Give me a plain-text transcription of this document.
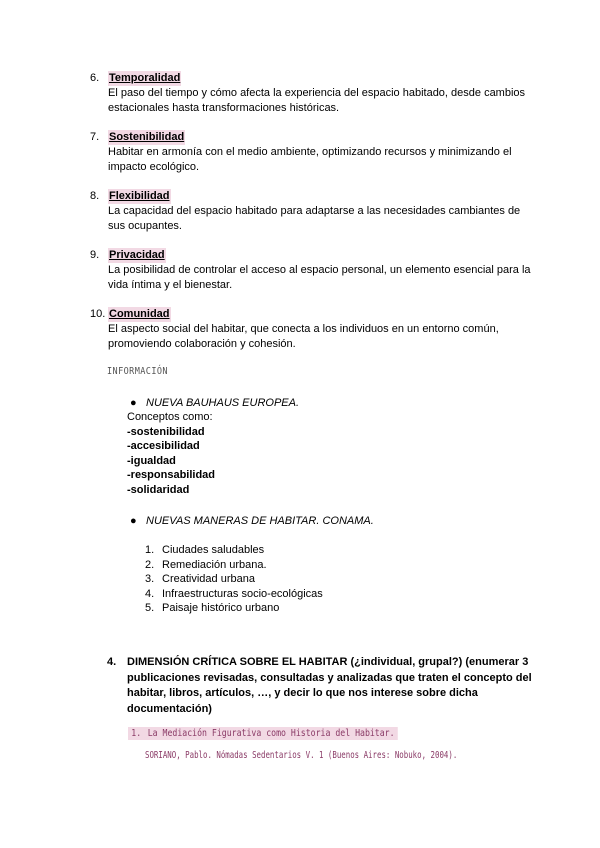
6. Temporalidad
El paso del tiempo y cómo afecta la experiencia del espacio habitado, desde cambios estacionales hasta transformaciones históricas.
7. Sostenibilidad
Habitar en armonía con el medio ambiente, optimizando recursos y minimizando el impacto ecológico.
8. Flexibilidad
La capacidad del espacio habitado para adaptarse a las necesidades cambiantes de sus ocupantes.
9. Privacidad
La posibilidad de controlar el acceso al espacio personal, un elemento esencial para la vida íntima y el bienestar.
10. Comunidad
El aspecto social del habitar, que conecta a los individuos en un entorno común, promoviendo colaboración y cohesión.
INFORMACIÓN
● NUEVA BAUHAUS EUROPEA.
Conceptos como:
-sostenibilidad
-accesibilidad
-igualdad
-responsabilidad
-solidaridad
● NUEVAS MANERAS DE HABITAR. CONAMA.
1. Ciudades saludables
2. Remediación urbana.
3. Creatividad urbana
4. Infraestructuras socio-ecológicas
5. Paisaje histórico urbano
4. DIMENSIÓN CRÍTICA SOBRE EL HABITAR (¿individual, grupal?) (enumerar 3 publicaciones revisadas, consultadas y analizadas que traten el concepto del habitar, libros, artículos, …, y decir lo que nos interese sobre dicha documentación)
1. La Mediación Figurativa como Historia del Habitar.
SORIANO, Pablo. Nómadas Sedentarios V. 1 (Buenos Aires: Nobuko, 2004).
